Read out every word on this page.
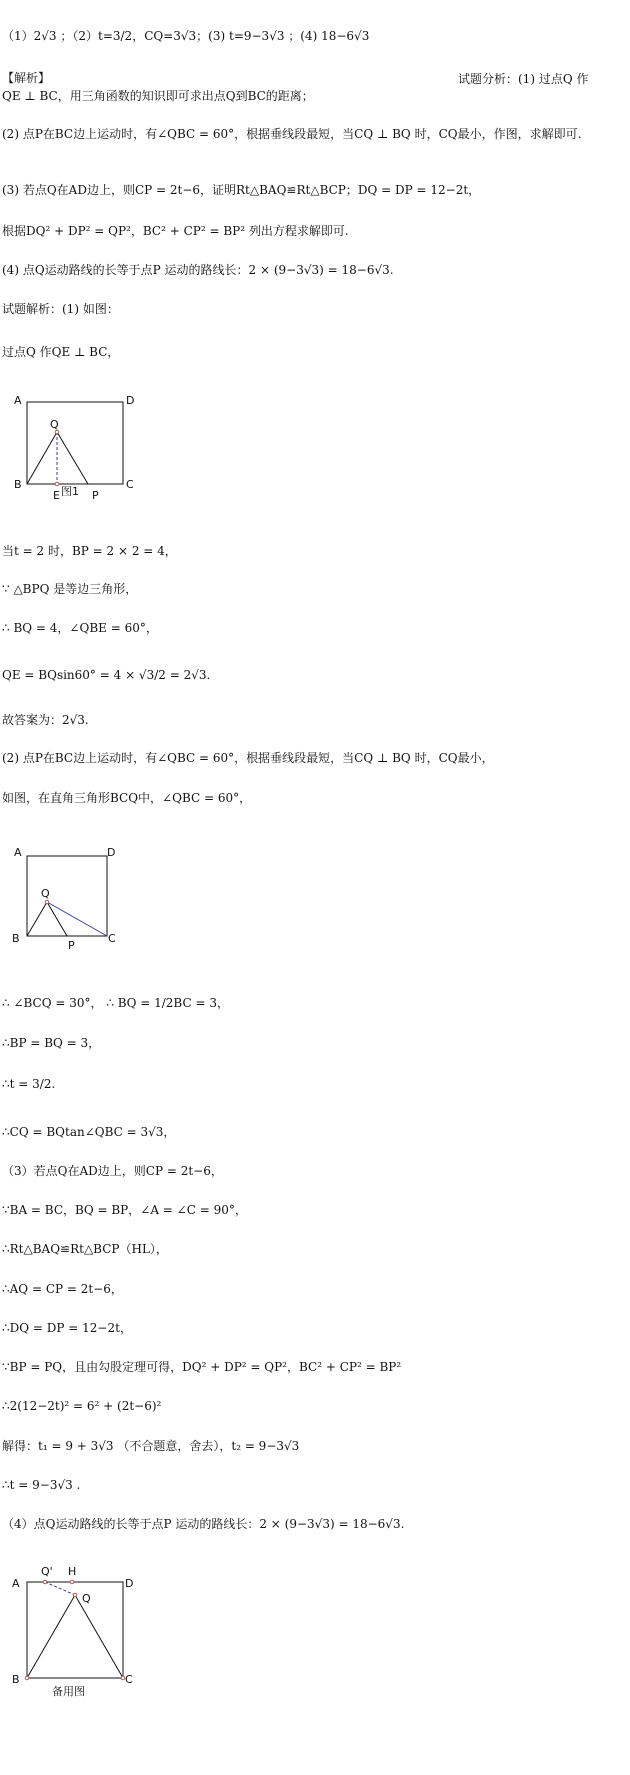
（1）2√3 ；（2）t=3/2，CQ=3√3；(3) t=9−3√3 ；(4) 18−6√3
【解析】	试题分析：(1) 过点Q 作
QE ⊥ BC，用三角函数的知识即可求出点Q到BC的距离；
(2) 点P在BC边上运动时，有∠QBC = 60°，根据垂线段最短，当CQ ⊥ BQ 时，CQ最小，作图，求解即可.
(3) 若点Q在AD边上，则CP = 2t−6，证明Rt△BAQ≌Rt△BCP；DQ = DP = 12−2t，
根据DQ² + DP² = QP²，BC² + CP² = BP² 列出方程求解即可.
(4) 点Q运动路线的长等于点P 运动的路线长：2 × (9−3√3) = 18−6√3.
试题解析：(1) 如图：
过点Q 作QE ⊥ BC，
A	D
Q
B	C
E 图1 P
当t = 2 时，BP = 2 × 2 = 4，
∵ △BPQ 是等边三角形，
∴ BQ = 4，∠QBE = 60°，
QE = BQsin60° = 4 × √3/2 = 2√3.
故答案为：2√3.
(2) 点P在BC边上运动时，有∠QBC = 60°，根据垂线段最短，当CQ ⊥ BQ 时，CQ最小，
如图，在直角三角形BCQ中，∠QBC = 60°，
A	D
Q
B	C
P
∴ ∠BCQ = 30°， ∴ BQ = 1/2BC = 3，
∴BP = BQ = 3，
∴t = 3/2.
∴CQ = BQtan∠QBC = 3√3，
（3）若点Q在AD边上，则CP = 2t−6，
∵BA = BC，BQ = BP，∠A = ∠C = 90°，
∴Rt△BAQ≌Rt△BCP（HL），
∴AQ = CP = 2t−6，
∴DQ = DP = 12−2t，
∵BP = PQ，且由勾股定理可得，DQ² + DP² = QP²，BC² + CP² = BP²
∴2(12−2t)² = 6² + (2t−6)²
解得：t₁ = 9 + 3√3 （不合题意，舍去），t₂ = 9−3√3
∴t = 9−3√3 .
（4）点Q运动路线的长等于点P 运动的路线长：2 × (9−3√3) = 18−6√3.
Q' H
A	D
Q
B	C
备用图
